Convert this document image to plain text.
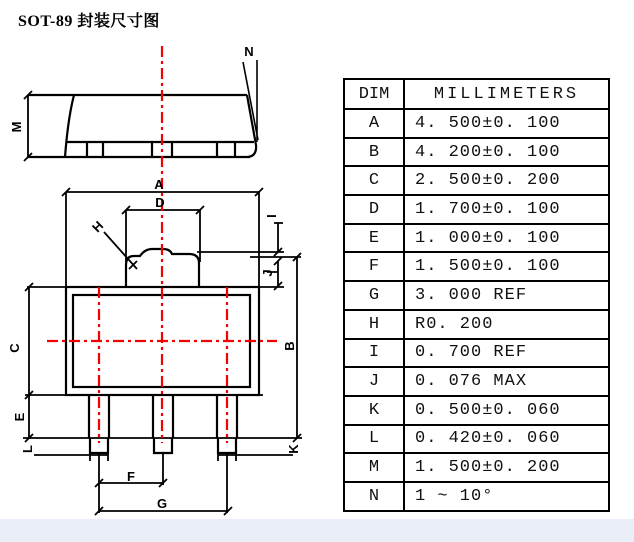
SOT-89 封装尺寸图
M
N
A
D
H
I
J
B
C
E
L	K
F
G
DIM	MILLIMETERS
A	4. 500±0. 100
B	4. 200±0. 100
C	2. 500±0. 200
D	1. 700±0. 100
E	1. 000±0. 100
F	1. 500±0. 100
G	3. 000 REF
H	R0. 200
I	0. 700 REF
J	0. 076 MAX
K	0. 500±0. 060
L	0. 420±0. 060
M	1. 500±0. 200
N	1 ~ 10°
